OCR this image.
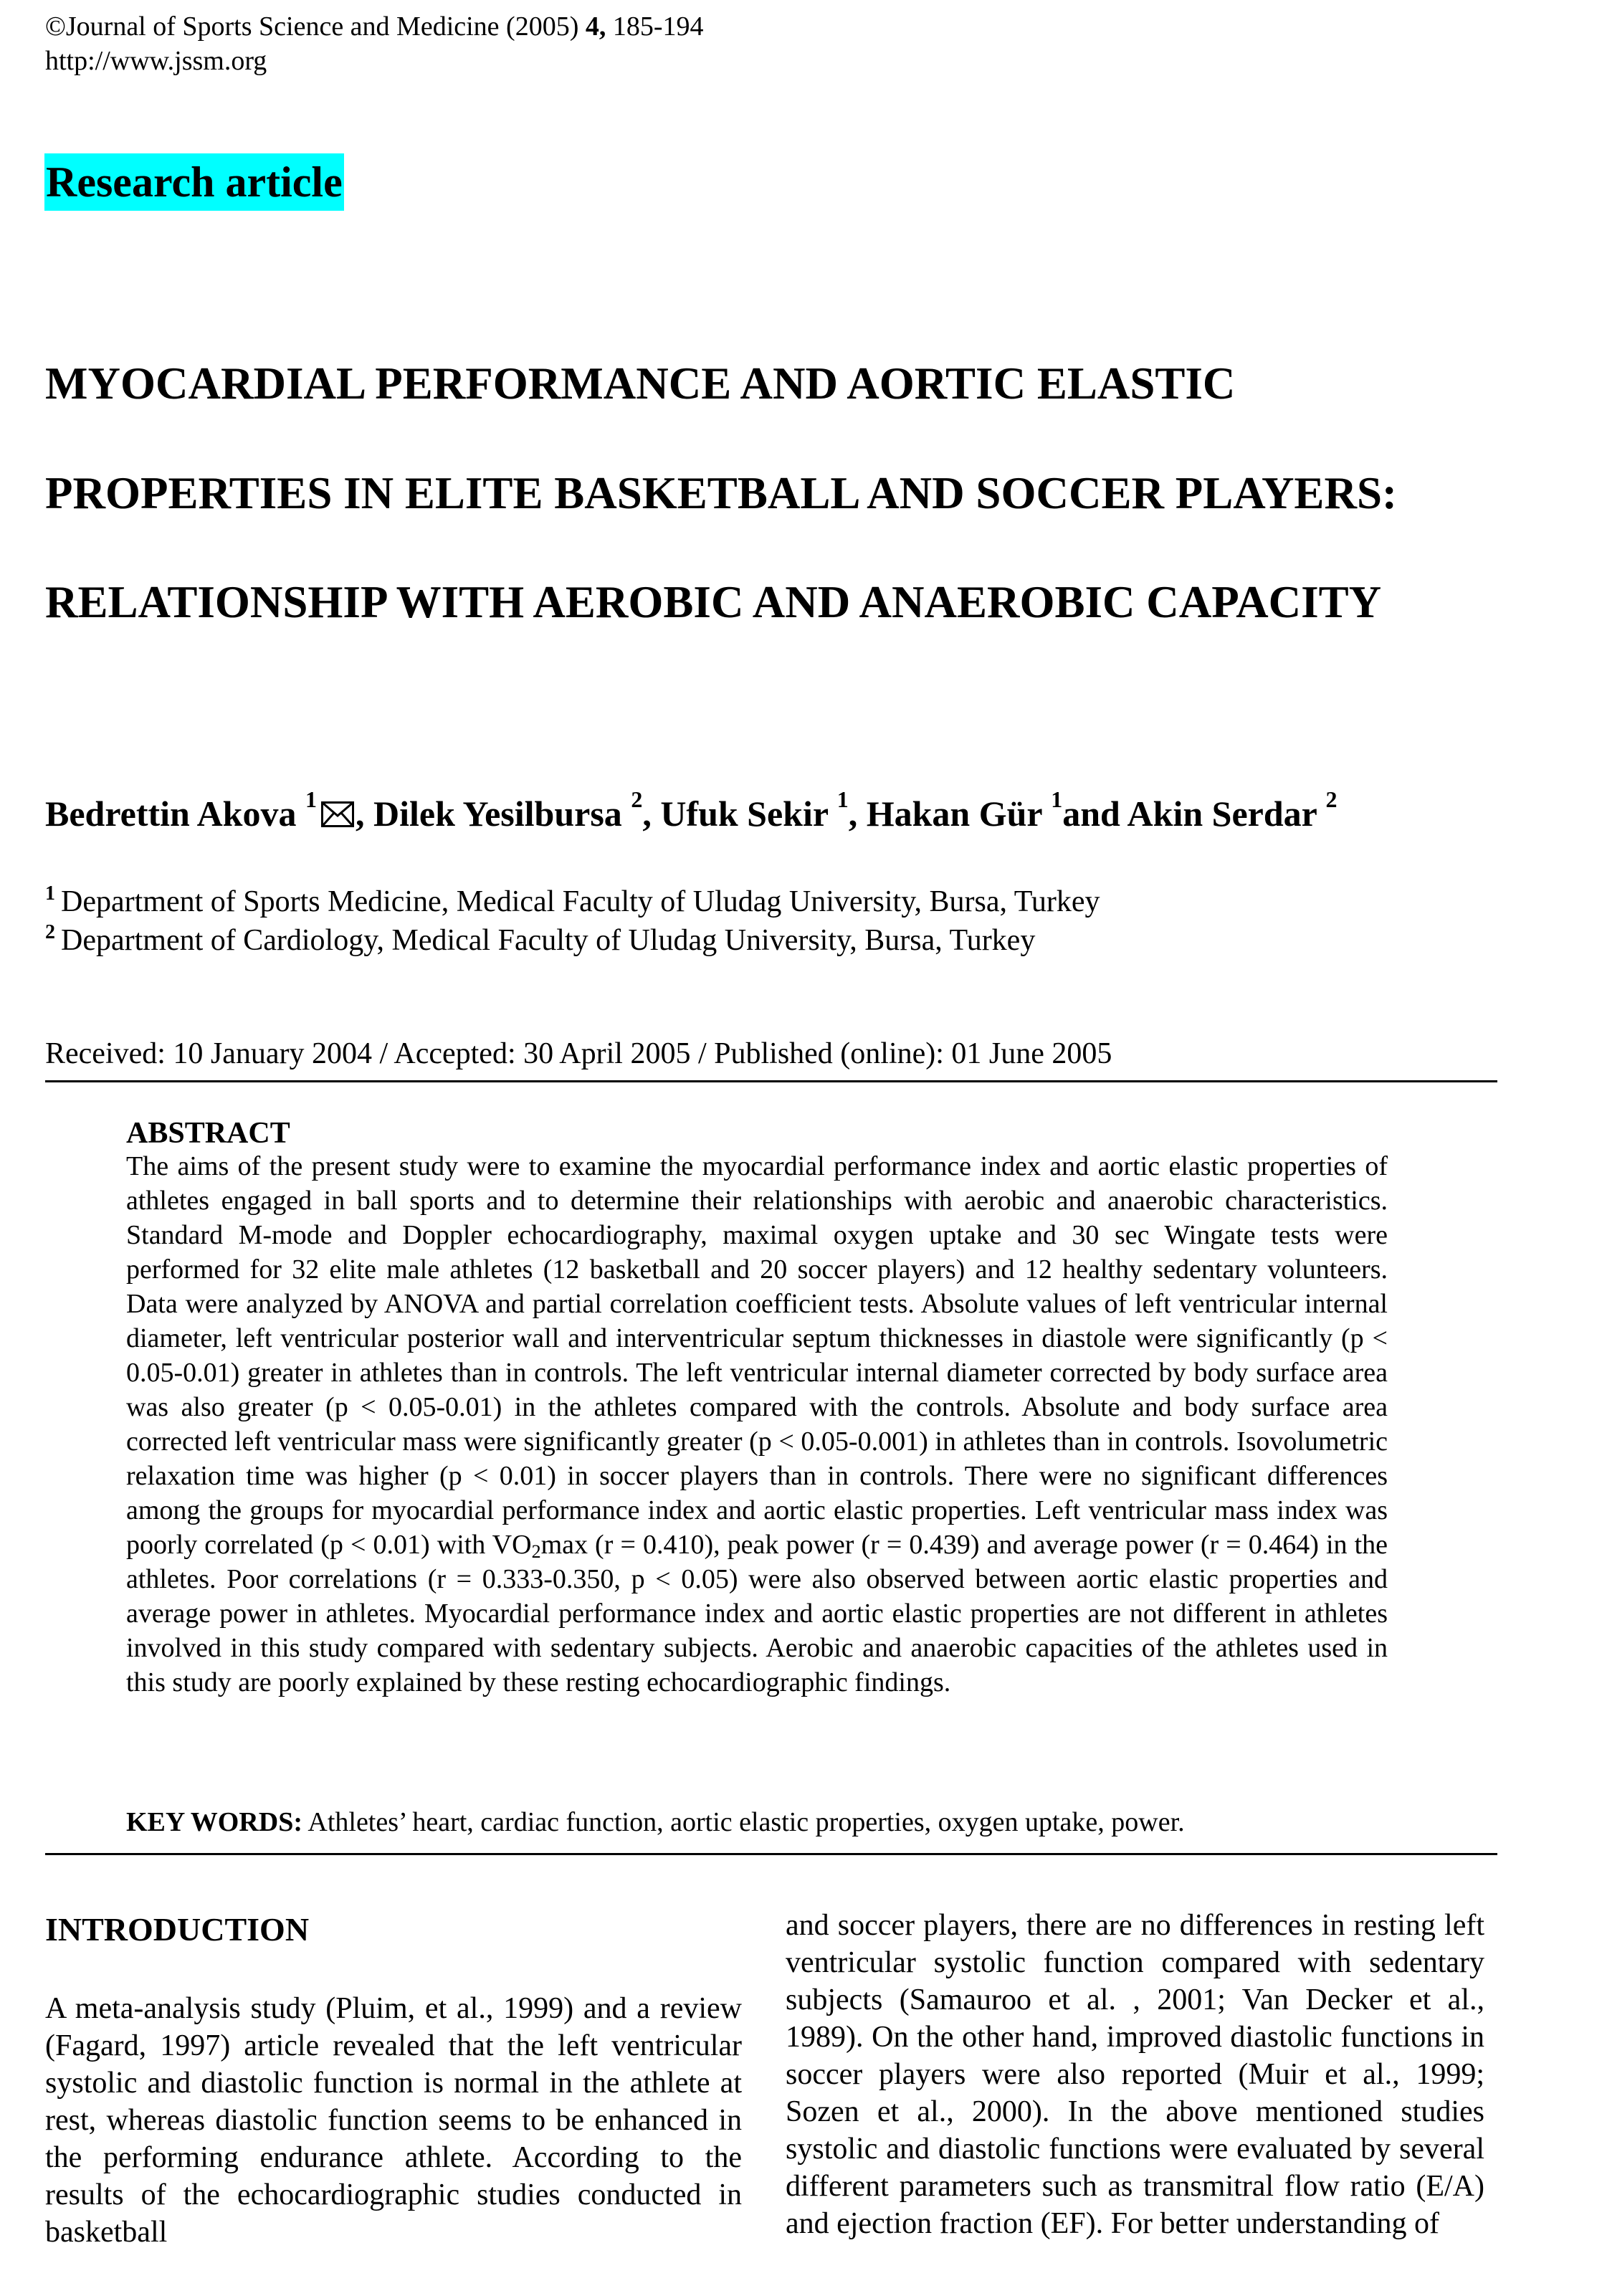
©Journal of Sports Science and Medicine (2005) 4, 185-194
http://www.jssm.org
Research article
MYOCARDIAL PERFORMANCE AND AORTIC ELASTIC
PROPERTIES IN ELITE BASKETBALL AND SOCCER PLAYERS:
RELATIONSHIP WITH AEROBIC AND ANAEROBIC CAPACITY
Bedrettin Akova $^1$ , Dilek Yesilbursa $^2$, Ufuk Sekir $^1$, Hakan Gür $^1$and Akin Serdar $^2$
$^1$ Department of Sports Medicine, Medical Faculty of Uludag University, Bursa, Turkey
$^2$ Department of Cardiology, Medical Faculty of Uludag University, Bursa, Turkey
Received: 10 January 2004 / Accepted: 30 April 2005 / Published (online): 01 June 2005
ABSTRACT
The aims of the present study were to examine the myocardial performance index and aortic elastic properties of athletes engaged in ball sports and to determine their relationships with aerobic and anaerobic characteristics. Standard M-mode and Doppler echocardiography, maximal oxygen uptake and 30 sec Wingate tests were performed for 32 elite male athletes (12 basketball and 20 soccer players) and 12 healthy sedentary volunteers. Data were analyzed by ANOVA and partial correlation coefficient tests. Absolute values of left ventricular internal diameter, left ventricular posterior wall and interventricular septum thicknesses in diastole were significantly (p < 0.05-0.01) greater in athletes than in controls. The left ventricular internal diameter corrected by body surface area was also greater (p < 0.05-0.01) in the athletes compared with the controls. Absolute and body surface area corrected left ventricular mass were significantly greater (p < 0.05-0.001) in athletes than in controls. Isovolumetric relaxation time was higher (p < 0.01) in soccer players than in controls. There were no significant differences among the groups for myocardial performance index and aortic elastic properties. Left ventricular mass index was poorly correlated (p < 0.01) with $VO_2\max$ (r = 0.410), peak power (r = 0.439) and average power (r = 0.464) in the athletes. Poor correlations (r = 0.333-0.350, p < 0.05) were also observed between aortic elastic properties and average power in athletes. Myocardial performance index and aortic elastic properties are not different in athletes involved in this study compared with sedentary subjects. Aerobic and anaerobic capacities of the athletes used in this study are poorly explained by these resting echocardiographic findings.
KEY WORDS: Athletes’ heart, cardiac function, aortic elastic properties, oxygen uptake, power.
INTRODUCTION
A meta-analysis study (Pluim, et al., 1999) and a review (Fagard, 1997) article revealed that the left ventricular systolic and diastolic function is normal in the athlete at rest, whereas diastolic function seems to be enhanced in the performing endurance athlete. According to the results of the echocardiographic studies conducted in basketball
and soccer players, there are no differences in resting left ventricular systolic function compared with sedentary subjects (Samauroo et al. , 2001; Van Decker et al., 1989). On the other hand, improved diastolic functions in soccer players were also reported (Muir et al., 1999; Sozen et al., 2000). In the above mentioned studies systolic and diastolic functions were evaluated by several different parameters such as transmitral flow ratio (E/A) and ejection fraction (EF). For better understanding of
